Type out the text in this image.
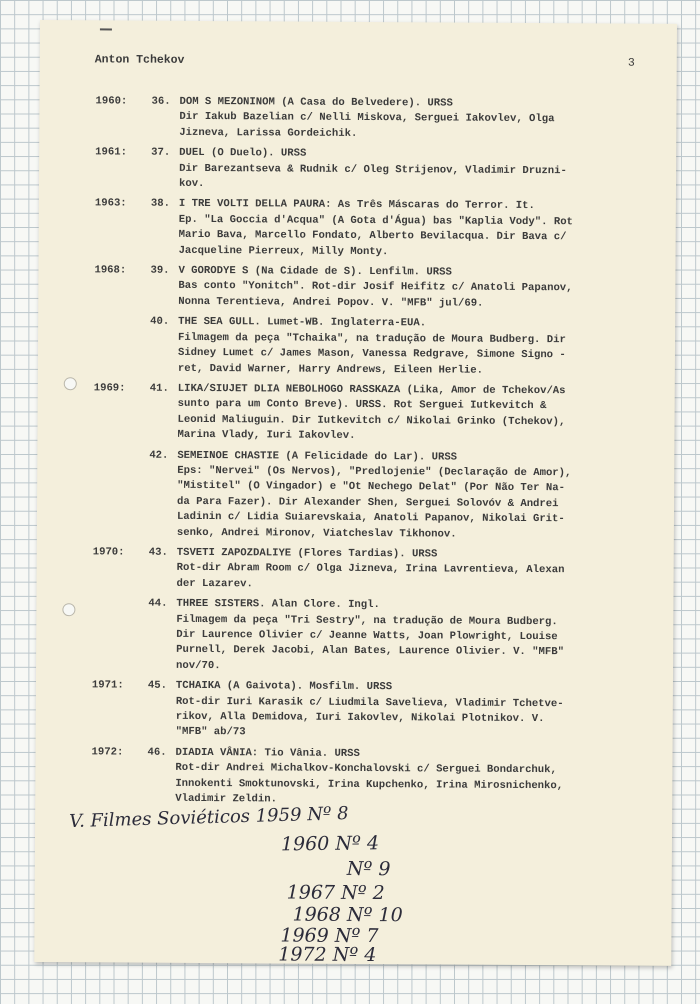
Anton Tchekov	3
1960:	36. DOM S MEZONINOM (A Casa do Belvedere). URSS
Dir Iakub Bazelian c/ Nelli Miskova, Serguei Iakovlev, Olga
Jizneva, Larissa Gordeichik.
1961:	37. DUEL (O Duelo). URSS
Dir Barezantseva & Rudnik c/ Oleg Strijenov, Vladimir Druzni-
kov.
1963:	38. I TRE VOLTI DELLA PAURA: As Três Máscaras do Terror. It.
Ep. "La Goccia d'Acqua" (A Gota d'Água) bas "Kaplia Vody". Rot
Mario Bava, Marcello Fondato, Alberto Bevilacqua. Dir Bava c/
Jacqueline Pierreux, Milly Monty.
1968:	39. V GORODYE S (Na Cidade de S). Lenfilm. URSS
Bas conto "Yonitch". Rot-dir Josif Heifitz c/ Anatoli Papanov,
Nonna Terentieva, Andrei Popov. V. "MFB" jul/69.
40. THE SEA GULL. Lumet-WB. Inglaterra-EUA.
Filmagem da peça "Tchaika", na tradução de Moura Budberg. Dir
Sidney Lumet c/ James Mason, Vanessa Redgrave, Simone Signo -
ret, David Warner, Harry Andrews, Eileen Herlie.
1969:	41. LIKA/SIUJET DLIA NEBOLHOGO RASSKAZA (Lika, Amor de Tchekov/As
sunto para um Conto Breve). URSS. Rot Serguei Iutkevitch &
Leonid Maliuguin. Dir Iutkevitch c/ Nikolai Grinko (Tchekov),
Marina Vlady, Iuri Iakovlev.
42. SEMEINOE CHASTIE (A Felicidade do Lar). URSS
Eps: "Nervei" (Os Nervos), "Predlojenie" (Declaração de Amor),
"Mistitel" (O Vingador) e "Ot Nechego Delat" (Por Não Ter Na-
da Para Fazer). Dir Alexander Shen, Serguei Solovóv & Andrei
Ladinin c/ Lidia Suiarevskaia, Anatoli Papanov, Nikolai Grit-
senko, Andrei Mironov, Viatcheslav Tikhonov.
1970:	43. TSVETI ZAPOZDALIYE (Flores Tardias). URSS
Rot-dir Abram Room c/ Olga Jizneva, Irina Lavrentieva, Alexan
der Lazarev.
44. THREE SISTERS. Alan Clore. Ingl.
Filmagem da peça "Tri Sestry", na tradução de Moura Budberg.
Dir Laurence Olivier c/ Jeanne Watts, Joan Plowright, Louise
Purnell, Derek Jacobi, Alan Bates, Laurence Olivier. V. "MFB"
nov/70.
1971:	45. TCHAIKA (A Gaivota). Mosfilm. URSS
Rot-dir Iuri Karasik c/ Liudmila Savelieva, Vladimir Tchetve-
rikov, Alla Demidova, Iuri Iakovlev, Nikolai Plotnikov. V.
"MFB" ab/73
1972:	46. DIADIA VÂNIA: Tio Vânia. URSS
Rot-dir Andrei Michalkov-Konchalovski c/ Serguei Bondarchuk,
Innokenti Smoktunovski, Irina Kupchenko, Irina Mirosnichenko,
Vladimir Zeldin.
V. Filmes Soviéticos 1959 Nº 8
1960 Nº 4
Nº 9
1967 Nº 2
1968 Nº 10
1969 Nº 7
1972 Nº 4
